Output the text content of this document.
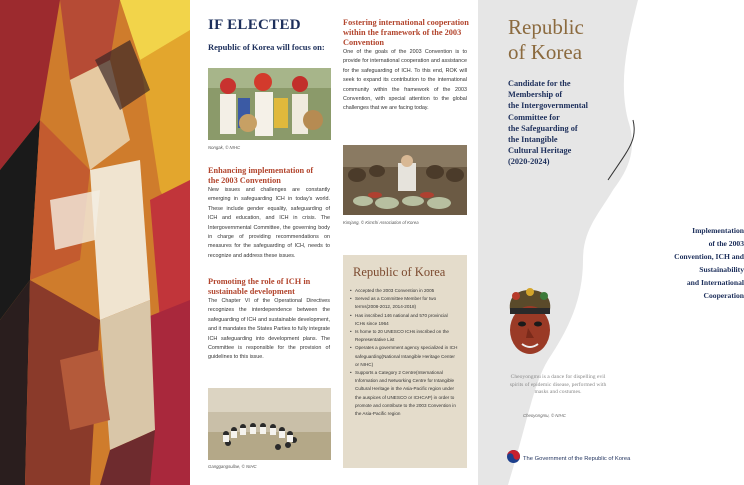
IF ELECTED
Republic of Korea will focus on:
Nongak, © NIHC
Enhancing implementation of the 2003 Convention
New issues and challenges are constantly emerging in safeguarding ICH in today's world. These include gender equality, safeguarding of ICH and education, and ICH in crisis. The Intergovernmental Committee, the governing body in charge of providing recommendations on measures for the safeguarding of ICH, needs to recognize and address these issues.
Promoting the role of ICH in sustainable development
The Chapter VI of the Operational Directives recognizes the interdependence between the safeguarding of ICH and sustainable development, and it mandates the States Parties to fully integrate ICH safeguarding into development plans. The Committee is responsible for the provision of guidelines to this issue.
Ganggangsullae, © NIHC
Fostering international cooperation within the framework of the 2003 Convention
One of the goals of the 2003 Convention is to provide for international cooperation and assistance for the safeguarding of ICH. To this end, ROK will seek to expand its contribution to the international community within the framework of the 2003 Convention, with special attention to the global challenges that we are facing today.
Kimjang, © Kimchi Association of Korea
Republic of Korea
• Accepted the 2003 Convention in 2005
• Served as a Committee Member for two terms(2008-2012, 2014-2018)
• Has inscribed 146 national and 570 provincial ICHs since 1964
• Is home to 20 UNESCO ICHs inscribed on the Representative List
• Operates a government agency specialized in ICH safeguarding(National Intangible Heritage Center or NIHC)
• Supports a Category 2 Centre(International Information and Networking Centre for Intangible Cultural Heritage in the Asia-Pacific region under the auspices of UNESCO or ICHCAP) in order to promote and contribute to the 2003 Convention in the Asia-Pacific region
Republic
of Korea
Candidate for the
Membership of
the Intergovernmental
Committee for
the Safeguarding of
the Intangible
Cultural Heritage
(2020-2024)
Implementation
of the 2003
Convention, ICH and
Sustainability
and International
Cooperation
Cheoyongmu is a dance for dispelling evil spirits of epidemic disease, performed with masks and costumes.
Cheoyongmu, © NIHC
The Government of the Republic of Korea
